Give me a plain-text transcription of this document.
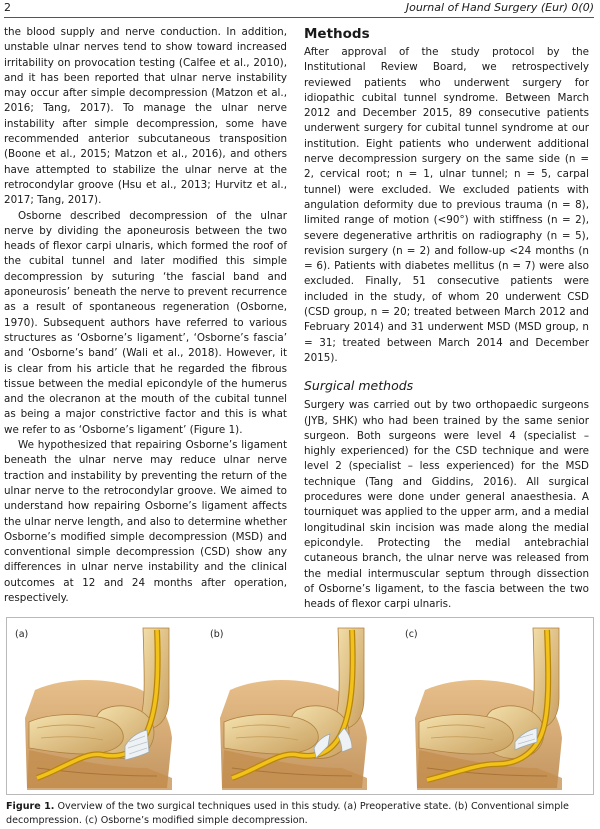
2	Journal of Hand Surgery (Eur) 0(0)

the blood supply and nerve conduction. In addition, unstable ulnar nerves tend to show toward increased irritability on provocation testing (Calfee et al., 2010), and it has been reported that ulnar nerve instability may occur after simple decompression (Matzon et al., 2016; Tang, 2017). To manage the ulnar nerve instability after simple decompression, some have recommended anterior subcutaneous transposition (Boone et al., 2015; Matzon et al., 2016), and others have attempted to stabilize the ulnar nerve at the retrocondylar groove (Hsu et al., 2013; Hurvitz et al., 2017; Tang, 2017).

Osborne described decompression of the ulnar nerve by dividing the aponeurosis between the two heads of flexor carpi ulnaris, which formed the roof of the cubital tunnel and later modified this simple decompression by suturing ‘the fascial band and aponeurosis’ beneath the nerve to prevent recurrence as a result of spontaneous regeneration (Osborne, 1970). Subsequent authors have referred to various structures as ‘Osborne’s ligament’, ‘Osborne’s fascia’ and ‘Osborne’s band’ (Wali et al., 2018). However, it is clear from his article that he regarded the fibrous tissue between the medial epicondyle of the humerus and the olecranon at the mouth of the cubital tunnel as being a major constrictive factor and this is what we refer to as ‘Osborne’s ligament’ (Figure 1).

We hypothesized that repairing Osborne’s ligament beneath the ulnar nerve may reduce ulnar nerve traction and instability by preventing the return of the ulnar nerve to the retrocondylar groove. We aimed to understand how repairing Osborne’s ligament affects the ulnar nerve length, and also to determine whether Osborne’s modified simple decompression (MSD) and conventional simple decompression (CSD) show any differences in ulnar nerve instability and the clinical outcomes at 12 and 24 months after operation, respectively.

Methods

After approval of the study protocol by the Institutional Review Board, we retrospectively reviewed patients who underwent surgery for idiopathic cubital tunnel syndrome. Between March 2012 and December 2015, 89 consecutive patients underwent surgery for cubital tunnel syndrome at our institution. Eight patients who underwent additional nerve decompression surgery on the same side (n = 2, cervical root; n = 1, ulnar tunnel; n = 5, carpal tunnel) were excluded. We excluded patients with angulation deformity due to previous trauma (n = 8), limited range of motion (<90°) with stiffness (n = 2), severe degenerative arthritis on radiography (n = 5), revision surgery (n = 2) and follow-up <24 months (n = 6). Patients with diabetes mellitus (n = 7) were also excluded. Finally, 51 consecutive patients were included in the study, of whom 20 underwent CSD (CSD group, n = 20; treated between March 2012 and February 2014) and 31 underwent MSD (MSD group, n = 31; treated between March 2014 and December 2015).

Surgical methods

Surgery was carried out by two orthopaedic surgeons (JYB, SHK) who had been trained by the same senior surgeon. Both surgeons were level 4 (specialist – highly experienced) for the CSD technique and were level 2 (specialist – less experienced) for the MSD technique (Tang and Giddins, 2016). All surgical procedures were done under general anaesthesia. A tourniquet was applied to the upper arm, and a medial longitudinal skin incision was made along the medial epicondyle. Protecting the medial antebrachial cutaneous branch, the ulnar nerve was released from the medial intermuscular septum through dissection of Osborne’s ligament, to the fascia between the two heads of flexor carpi ulnaris.

(a)	(b)	(c)
Figure 1. Overview of the two surgical techniques used in this study. (a) Preoperative state. (b) Conventional simple decompression. (c) Osborne’s modified simple decompression.
